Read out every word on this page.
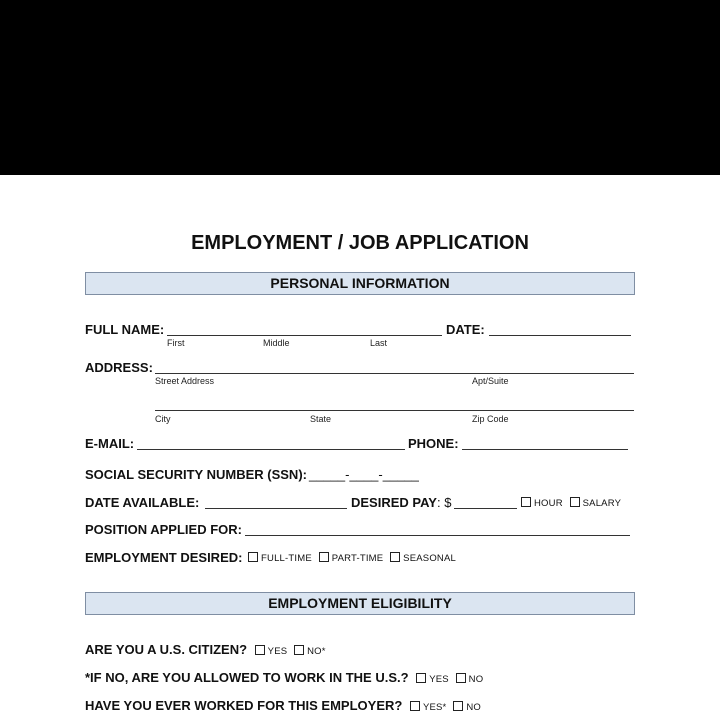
EMPLOYMENT / JOB APPLICATION
PERSONAL INFORMATION
FULL NAME:
First	Middle	Last
DATE:
ADDRESS:
Street Address	Apt/Suite
City	State	Zip Code
E-MAIL:	PHONE:
SOCIAL SECURITY NUMBER (SSN): _____-____-_____
DATE AVAILABLE:	DESIRED PAY: $	HOUR SALARY
POSITION APPLIED FOR:
EMPLOYMENT DESIRED:	FULL-TIME PART-TIME SEASONAL
EMPLOYMENT ELIGIBILITY
ARE YOU A U.S. CITIZEN? YES NO*
*IF NO, ARE YOU ALLOWED TO WORK IN THE U.S.? YES NO
HAVE YOU EVER WORKED FOR THIS EMPLOYER? YES* NO
